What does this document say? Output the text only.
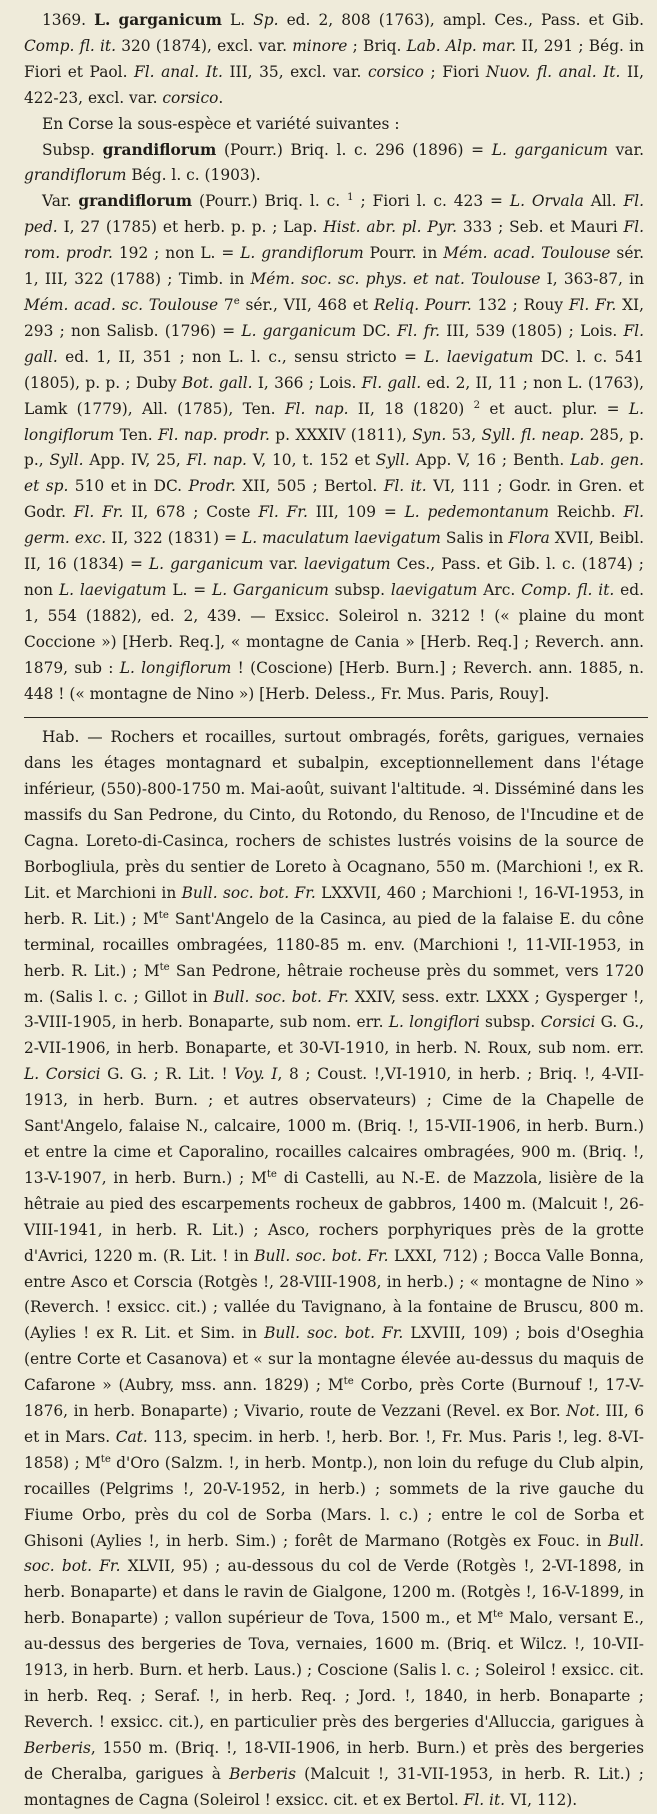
1369. L. garganicum L. Sp. ed. 2, 808 (1763), ampl. Ces., Pass. et Gib. Comp. fl. it. 320 (1874), excl. var. minore ; Briq. Lab. Alp. mar. II, 291 ; Bég. in Fiori et Paol. Fl. anal. It. III, 35, excl. var. corsico ; Fiori Nuov. fl. anal. It. II, 422-23, excl. var. corsico.

En Corse la sous-espèce et variété suivantes :

Subsp. grandiflorum (Pourr.) Briq. l. c. 296 (1896) = L. garganicum var. grandiflorum Bég. l. c. (1903).

Var. grandiflorum (Pourr.) Briq. l. c. $^1$ ; Fiori l. c. 423 = L. Orvala All. Fl. ped. I, 27 (1785) et herb. p. p. ; Lap. Hist. abr. pl. Pyr. 333 ; Seb. et Mauri Fl. rom. prodr. 192 ; non L. = L. grandiflorum Pourr. in Mém. acad. Toulouse sér. 1, III, 322 (1788) ; Timb. in Mém. soc. sc. phys. et nat. Toulouse I, 363-87, in Mém. acad. sc. Toulouse 7e sér., VII, 468 et Reliq. Pourr. 132 ; Rouy Fl. Fr. XI, 293 ; non Salisb. (1796) = L. garganicum DC. Fl. fr. III, 539 (1805) ; Lois. Fl. gall. ed. 1, II, 351 ; non L. l. c., sensu stricto = L. laevigatum DC. l. c. 541 (1805), p. p. ; Duby Bot. gall. I, 366 ; Lois. Fl. gall. ed. 2, II, 11 ; non L. (1763), Lamk (1779), All. (1785), Ten. Fl. nap. II, 18 (1820) $^2$ et auct. plur. = L. longiflorum Ten. Fl. nap. prodr. p. XXXIV (1811), Syn. 53, Syll. fl. neap. 285, p. p., Syll. App. IV, 25, Fl. nap. V, 10, t. 152 et Syll. App. V, 16 ; Benth. Lab. gen. et sp. 510 et in DC. Prodr. XII, 505 ; Bertol. Fl. it. VI, 111 ; Godr. in Gren. et Godr. Fl. Fr. II, 678 ; Coste Fl. Fr. III, 109 = L. pedemontanum Reichb. Fl. germ. exc. II, 322 (1831) = L. maculatum laevigatum Salis in Flora XVII, Beibl. II, 16 (1834) = L. garganicum var. laevigatum Ces., Pass. et Gib. l. c. (1874) ; non L. laevigatum L. = L. Garganicum subsp. laevigatum Arc. Comp. fl. it. ed. 1, 554 (1882), ed. 2, 439. — Exsicc. Soleirol n. 3212 ! (« plaine du mont Coccione ») [Herb. Req.], « montagne de Cania » [Herb. Req.] ; Reverch. ann. 1879, sub : L. longiflorum ! (Coscione) [Herb. Burn.] ; Reverch. ann. 1885, n. 448 ! (« montagne de Nino ») [Herb. Deless., Fr. Mus. Paris, Rouy].

Hab. — Rochers et rocailles, surtout ombragés, forêts, garigues, vernaies dans les étages montagnard et subalpin, exceptionnellement dans l'étage inférieur, (550)-800-1750 m. Mai-août, suivant l'altitude. ♃. Disséminé dans les massifs du San Pedrone, du Cinto, du Rotondo, du Renoso, de l'Incudine et de Cagna. Loreto-di-Casinca, rochers de schistes lustrés voisins de la source de Borbogliula, près du sentier de Loreto à Ocagnano, 550 m. (Marchioni !, ex R. Lit. et Marchioni in Bull. soc. bot. Fr. LXXVII, 460 ; Marchioni !, 16-VI-1953, in herb. R. Lit.) ; $M^{te}$ Sant'Angelo de la Casinca, au pied de la falaise E. du cône terminal, rocailles ombragées, 1180-85 m. env. (Marchioni !, 11-VII-1953, in herb. R. Lit.) ; $M^{te}$ San Pedrone, hêtraie rocheuse près du sommet, vers 1720 m. (Salis l. c. ; Gillot in Bull. soc. bot. Fr. XXIV, sess. extr. LXXX ; Gysperger !, 3-VIII-1905, in herb. Bonaparte, sub nom. err. L. longiflori subsp. Corsici G. G., 2-VII-1906, in herb. Bonaparte, et 30-VI-1910, in herb. N. Roux, sub nom. err. L. Corsici G. G. ; R. Lit. ! Voy. I, 8 ; Coust. !,VI-1910, in herb. ; Briq. !, 4-VII-1913, in herb. Burn. ; et autres observateurs) ; Cime de la Chapelle de Sant'Angelo, falaise N., calcaire, 1000 m. (Briq. !, 15-VII-1906, in herb. Burn.) et entre la cime et Caporalino, rocailles calcaires ombragées, 900 m. (Briq. !, 13-V-1907, in herb. Burn.) ; $M^{te}$ di Castelli, au N.-E. de Mazzola, lisière de la hêtraie au pied des escarpements rocheux de gabbros, 1400 m. (Malcuit !, 26-VIII-1941, in herb. R. Lit.) ; Asco, rochers porphyriques près de la grotte d'Avrici, 1220 m. (R. Lit. ! in Bull. soc. bot. Fr. LXXI, 712) ; Bocca Valle Bonna, entre Asco et Corscia (Rotgès !, 28-VIII-1908, in herb.) ; « montagne de Nino » (Reverch. ! exsicc. cit.) ; vallée du Tavignano, à la fontaine de Bruscu, 800 m. (Aylies ! ex R. Lit. et Sim. in Bull. soc. bot. Fr. LXVIII, 109) ; bois d'Oseghia (entre Corte et Casanova) et « sur la montagne élevée au-dessus du maquis de Cafarone » (Aubry, mss. ann. 1829) ; $M^{te}$ Corbo, près Corte (Burnouf !, 17-V-1876, in herb. Bonaparte) ; Vivario, route de Vezzani (Revel. ex Bor. Not. III, 6 et in Mars. Cat. 113, specim. in herb. !, herb. Bor. !, Fr. Mus. Paris !, leg. 8-VI-1858) ; $M^{te}$ d'Oro (Salzm. !, in herb. Montp.), non loin du refuge du Club alpin, rocailles (Pelgrims !, 20-V-1952, in herb.) ; sommets de la rive gauche du Fiume Orbo, près du col de Sorba (Mars. l. c.) ; entre le col de Sorba et Ghisoni (Aylies !, in herb. Sim.) ; forêt de Marmano (Rotgès ex Fouc. in Bull. soc. bot. Fr. XLVII, 95) ; au-dessous du col de Verde (Rotgès !, 2-VI-1898, in herb. Bonaparte) et dans le ravin de Gialgone, 1200 m. (Rotgès !, 16-V-1899, in herb. Bonaparte) ; vallon supérieur de Tova, 1500 m., et $M^{te}$ Malo, versant E., au-dessus des bergeries de Tova, vernaies, 1600 m. (Briq. et Wilcz. !, 10-VII-1913, in herb. Burn. et herb. Laus.) ; Coscione (Salis l. c. ; Soleirol ! exsicc. cit. in herb. Req. ; Seraf. !, in herb. Req. ; Jord. !, 1840, in herb. Bonaparte ; Reverch. ! exsicc. cit.), en particulier près des bergeries d'Alluccia, garigues à Berberis, 1550 m. (Briq. !, 18-VII-1906, in herb. Burn.) et près des bergeries de Cheralba, garigues à Berberis (Malcuit !, 31-VII-1953, in herb. R. Lit.) ; montagnes de Cagna (Soleirol ! exsicc. cit. et ex Bertol. Fl. it. VI, 112).
